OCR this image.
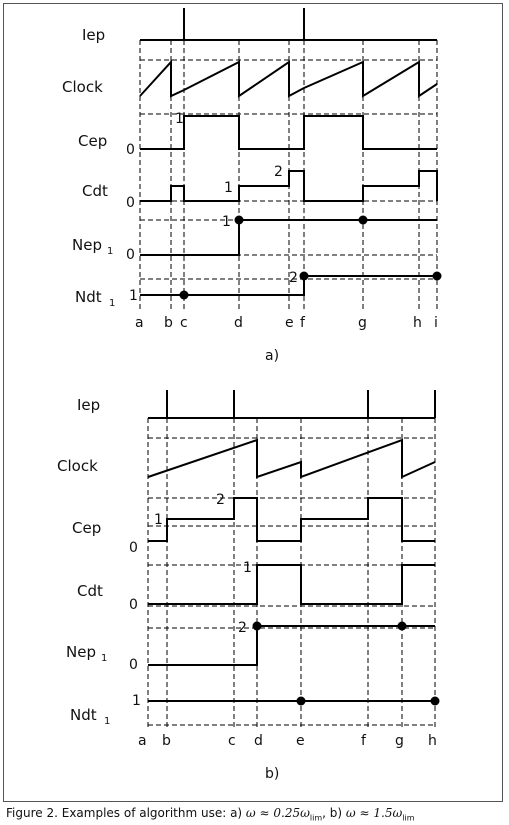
Iep
Clock
Cep
Cdt
Nep 1
Ndt 1
0
0
0
1
1
1
2
1
2
a b c	d	e f	g	h i
a)
Iep
Clock
Cep
Cdt
Nep 1
Ndt 1
0
0
0
1
1
2
1
2
a b	c d e	f g h
b)
Figure 2. Examples of algorithm use: a) $\omega \approx 0.25\omega_{lim}$, b) $\omega \approx 1.5\omega_{lim}$
